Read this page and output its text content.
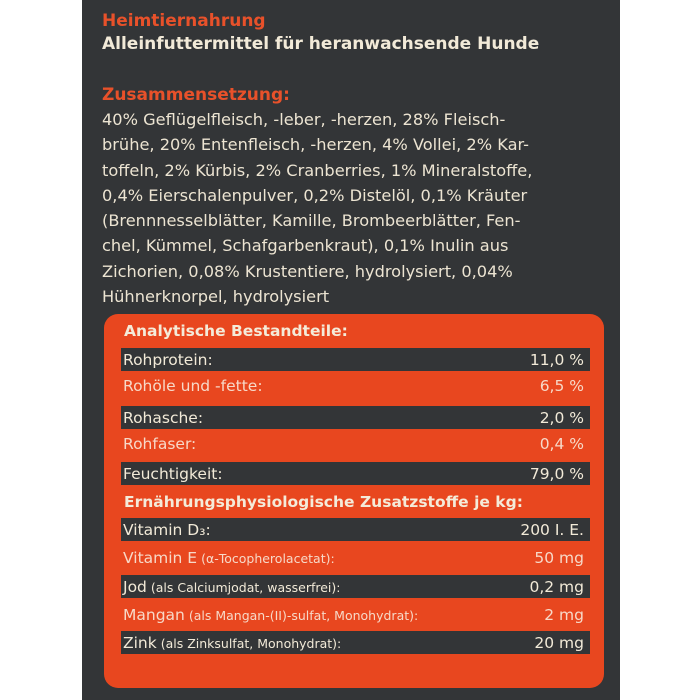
Heimtiernahrung
Alleinfuttermittel für heranwachsende Hunde
Zusammensetzung:
40% Geflügelfleisch, -leber, -herzen, 28% Fleisch-
brühe, 20% Entenfleisch, -herzen, 4% Vollei, 2% Kar-
toffeln, 2% Kürbis, 2% Cranberries, 1% Mineralstoffe,
0,4% Eierschalenpulver, 0,2% Distelöl, 0,1% Kräuter
(Brennnesselblätter, Kamille, Brombeerblätter, Fen-
chel, Kümmel, Schafgarbenkraut), 0,1% Inulin aus
Zichorien, 0,08% Krustentiere, hydrolysiert, 0,04%
Hühnerknorpel, hydrolysiert
Analytische Bestandteile:
Rohprotein:	11,0 %
Rohöle und -fette:	6,5 %
Rohasche:	2,0 %
Rohfaser:	0,4 %
Feuchtigkeit:	79,0 %
Ernährungsphysiologische Zusatzstoffe je kg:
Vitamin D₃:	200 I. E.
Vitamin E (α-Tocopherolacetat):	50 mg
Jod (als Calciumjodat, wasserfrei):	0,2 mg
Mangan (als Mangan-(II)-sulfat, Monohydrat):	2 mg
Zink (als Zinksulfat, Monohydrat):	20 mg
